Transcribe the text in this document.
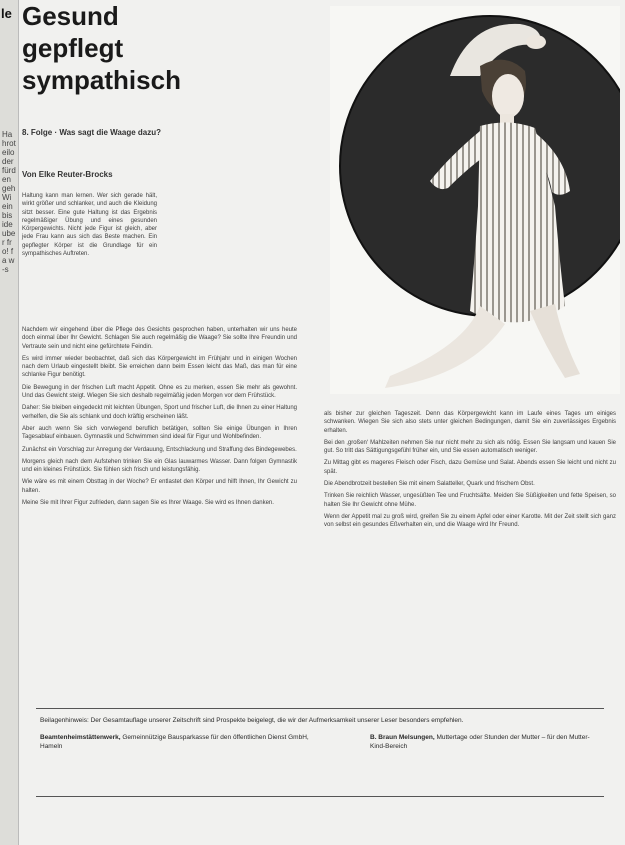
le
Hahroteiloder fürden geh Wi ein bis ide uber fro! fa w-s
Gesund
gepflegt
sympathisch
8. Folge · Was sagt die Waage dazu?
Von Elke Reuter-Brocks
Haltung kann man lernen. Wer sich gerade hält, wirkt größer und schlanker, und auch die Kleidung sitzt besser. Eine gute Haltung ist das Ergebnis regelmäßiger Übung und eines gesunden Körpergewichts. Nicht jede Figur ist gleich, aber jede Frau kann aus sich das Beste machen. Ein gepflegter Körper ist die Grundlage für ein sympathisches Auftreten.

Nachdem wir eingehend über die Pflege des Gesichts gesprochen haben, unterhalten wir uns heute doch einmal über Ihr Gewicht. Schlagen Sie auch regelmäßig die Waage? Sie sollte Ihre Freundin und Vertraute sein und nicht eine gefürchtete Feindin.

Es wird immer wieder beobachtet, daß sich das Körpergewicht im Frühjahr und in einigen Wochen nach dem Urlaub eingestellt bleibt. Sie erreichen dann beim Essen leicht das Maß, das man für eine schlanke Figur benötigt.

Die Bewegung in der frischen Luft macht Appetit. Ohne es zu merken, essen Sie mehr als gewohnt. Und das Gewicht steigt. Wiegen Sie sich deshalb regelmäßig jeden Morgen vor dem Frühstück.

Daher: Sie bleiben eingedeckt mit leichten Übungen, Sport und frischer Luft, die Ihnen zu einer Haltung verhelfen, die Sie als schlank und doch kräftig erscheinen läßt.

Aber auch wenn Sie sich vorwiegend beruflich betätigen, sollten Sie einige Übungen in Ihren Tagesablauf einbauen. Gymnastik und Schwimmen sind ideal für Figur und Wohlbefinden.

Zunächst ein Vorschlag zur Anregung der Verdauung, Entschlackung und Straffung des Bindegewebes.

Morgens gleich nach dem Aufstehen trinken Sie ein Glas lauwarmes Wasser. Dann folgen Gymnastik und ein kleines Frühstück. Sie fühlen sich frisch und leistungsfähig.

Wie wäre es mit einem Obsttag in der Woche? Er entlastet den Körper und hilft Ihnen, Ihr Gewicht zu halten.

Meine Sie mit Ihrer Figur zufrieden, dann sagen Sie es Ihrer Waage. Sie wird es Ihnen danken.

als bisher zur gleichen Tageszeit. Denn das Körpergewicht kann im Laufe eines Tages um einiges schwanken. Wiegen Sie sich also stets unter gleichen Bedingungen, damit Sie ein zuverlässiges Ergebnis erhalten.

Bei den ‚großen‘ Mahlzeiten nehmen Sie nur nicht mehr zu sich als nötig. Essen Sie langsam und kauen Sie gut. So tritt das Sättigungsgefühl früher ein, und Sie essen automatisch weniger.

Zu Mittag gibt es mageres Fleisch oder Fisch, dazu Gemüse und Salat. Abends essen Sie leicht und nicht zu spät.

Die Abendbrotzeit bestellen Sie mit einem Salatteller, Quark und frischem Obst.

Trinken Sie reichlich Wasser, ungesüßten Tee und Fruchtsäfte. Meiden Sie Süßigkeiten und fette Speisen, so halten Sie Ihr Gewicht ohne Mühe.

Wenn der Appetit mal zu groß wird, greifen Sie zu einem Apfel oder einer Karotte. Mit der Zeit stellt sich ganz von selbst ein gesundes Eßverhalten ein, und die Waage wird Ihr Freund.

Beilagenhinweis: Der Gesamtauflage unserer Zeitschrift sind Prospekte beigelegt, die wir der Aufmerksamkeit unserer Leser besonders empfehlen.
Beamtenheimstättenwerk, Gemeinnützige Bausparkasse für den öffentlichen Dienst GmbH, Hameln
B. Braun Melsungen, Muttertage oder Stunden der Mutter – für den Mutter-Kind-Bereich
